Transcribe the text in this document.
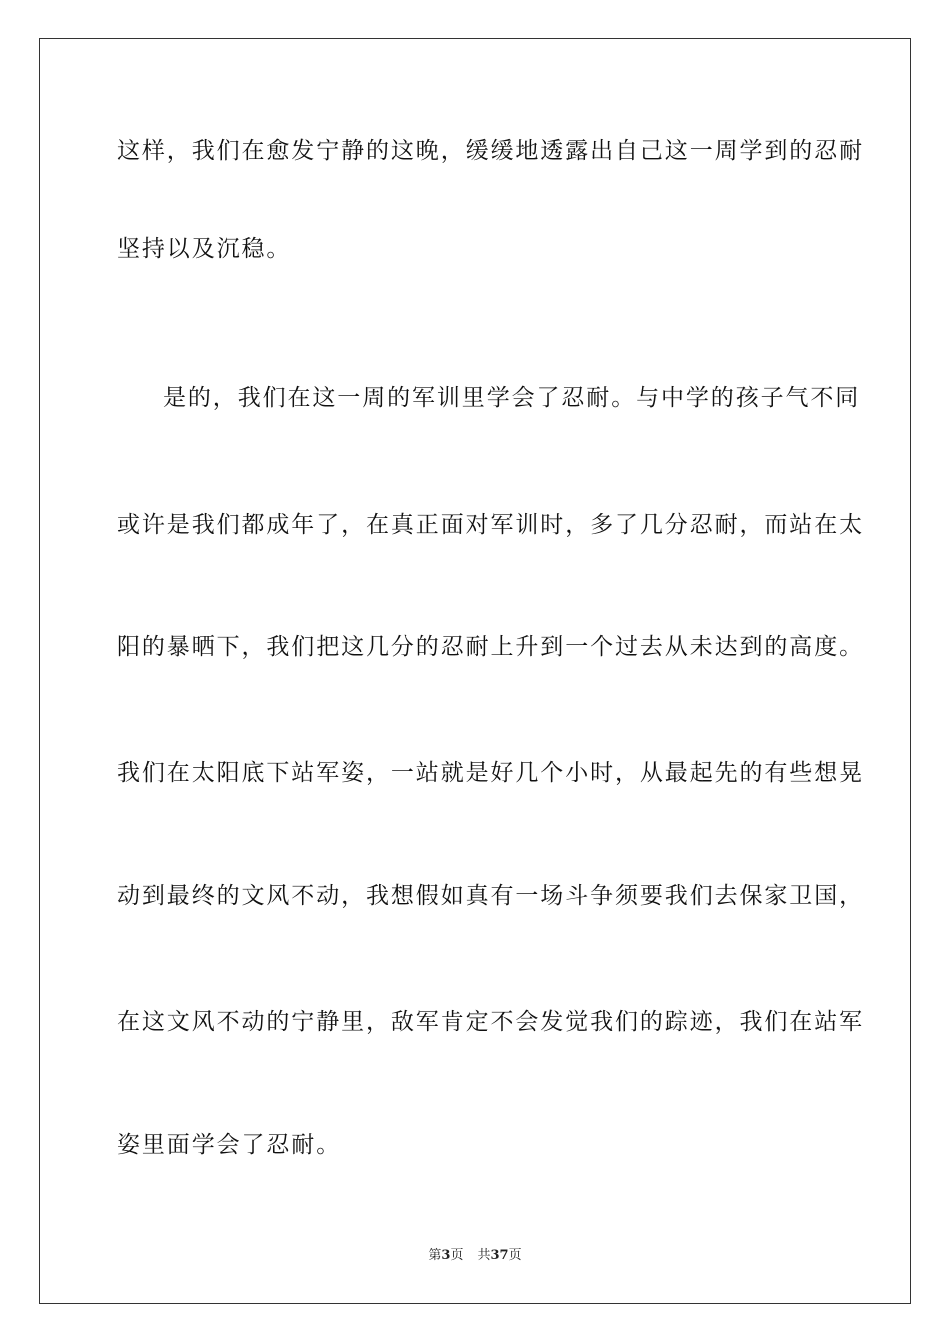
这样，我们在愈发宁静的这晚，缓缓地透露出自己这一周学到的忍耐
坚持以及沉稳。
是的，我们在这一周的军训里学会了忍耐。与中学的孩子气不同
或许是我们都成年了，在真正面对军训时，多了几分忍耐，而站在太
阳的暴晒下，我们把这几分的忍耐上升到一个过去从未达到的高度。
我们在太阳底下站军姿，一站就是好几个小时，从最起先的有些想晃
动到最终的文风不动，我想假如真有一场斗争须要我们去保家卫国，
在这文风不动的宁静里，敌军肯定不会发觉我们的踪迹，我们在站军
姿里面学会了忍耐。
第3页 共37页
